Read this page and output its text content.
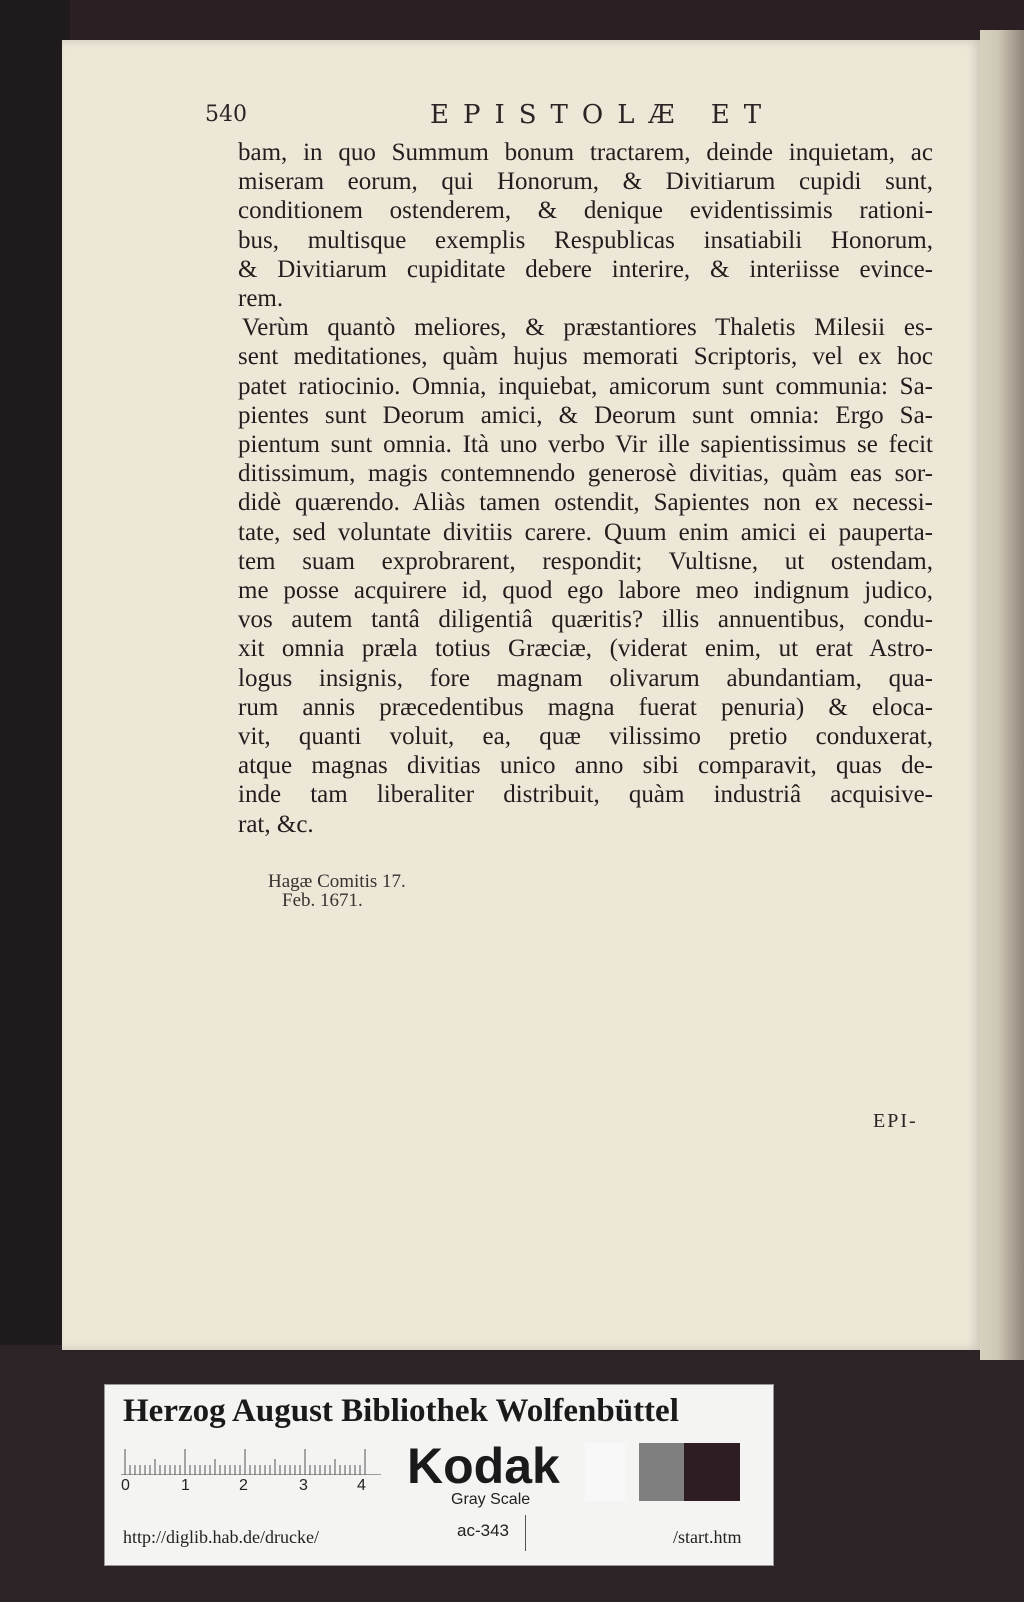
540	EPISTOLÆ ET
bam, in quo Summum bonum tractarem, deinde inquietam, ac
miseram eorum, qui Honorum, & Divitiarum cupidi sunt,
conditionem ostenderem, & denique evidentissimis rationi-
bus, multisque exemplis Respublicas insatiabili Honorum,
& Divitiarum cupiditate debere interire, & interiisse evince-
rem.
Verùm quantò meliores, & præstantiores Thaletis Milesii es-
sent meditationes, quàm hujus memorati Scriptoris, vel ex hoc
patet ratiocinio. Omnia, inquiebat, amicorum sunt communia: Sa-
pientes sunt Deorum amici, & Deorum sunt omnia: Ergo Sa-
pientum sunt omnia. Ità uno verbo Vir ille sapientissimus se fecit
ditissimum, magis contemnendo generosè divitias, quàm eas sor-
didè quærendo. Aliàs tamen ostendit, Sapientes non ex necessi-
tate, sed voluntate divitiis carere. Quum enim amici ei pauperta-
tem suam exprobrarent, respondit; Vultisne, ut ostendam,
me posse acquirere id, quod ego labore meo indignum judico,
vos autem tantâ diligentiâ quæritis? illis annuentibus, condu-
xit omnia præla totius Græciæ, (viderat enim, ut erat Astro-
logus insignis, fore magnam olivarum abundantiam, qua-
rum annis præcedentibus magna fuerat penuria) & eloca-
vit, quanti voluit, ea, quæ vilissimo pretio conduxerat,
atque magnas divitias unico anno sibi comparavit, quas de-
inde tam liberaliter distribuit, quàm industriâ acquisive-
rat, &c.
Hagæ Comitis 17.
Feb. 1671.
EPI-
Herzog August Bibliothek Wolfenbüttel
0	1	2	3	4 Kodak
Gray Scale
http://diglib.hab.de/drucke/	ac-343	/start.htm
